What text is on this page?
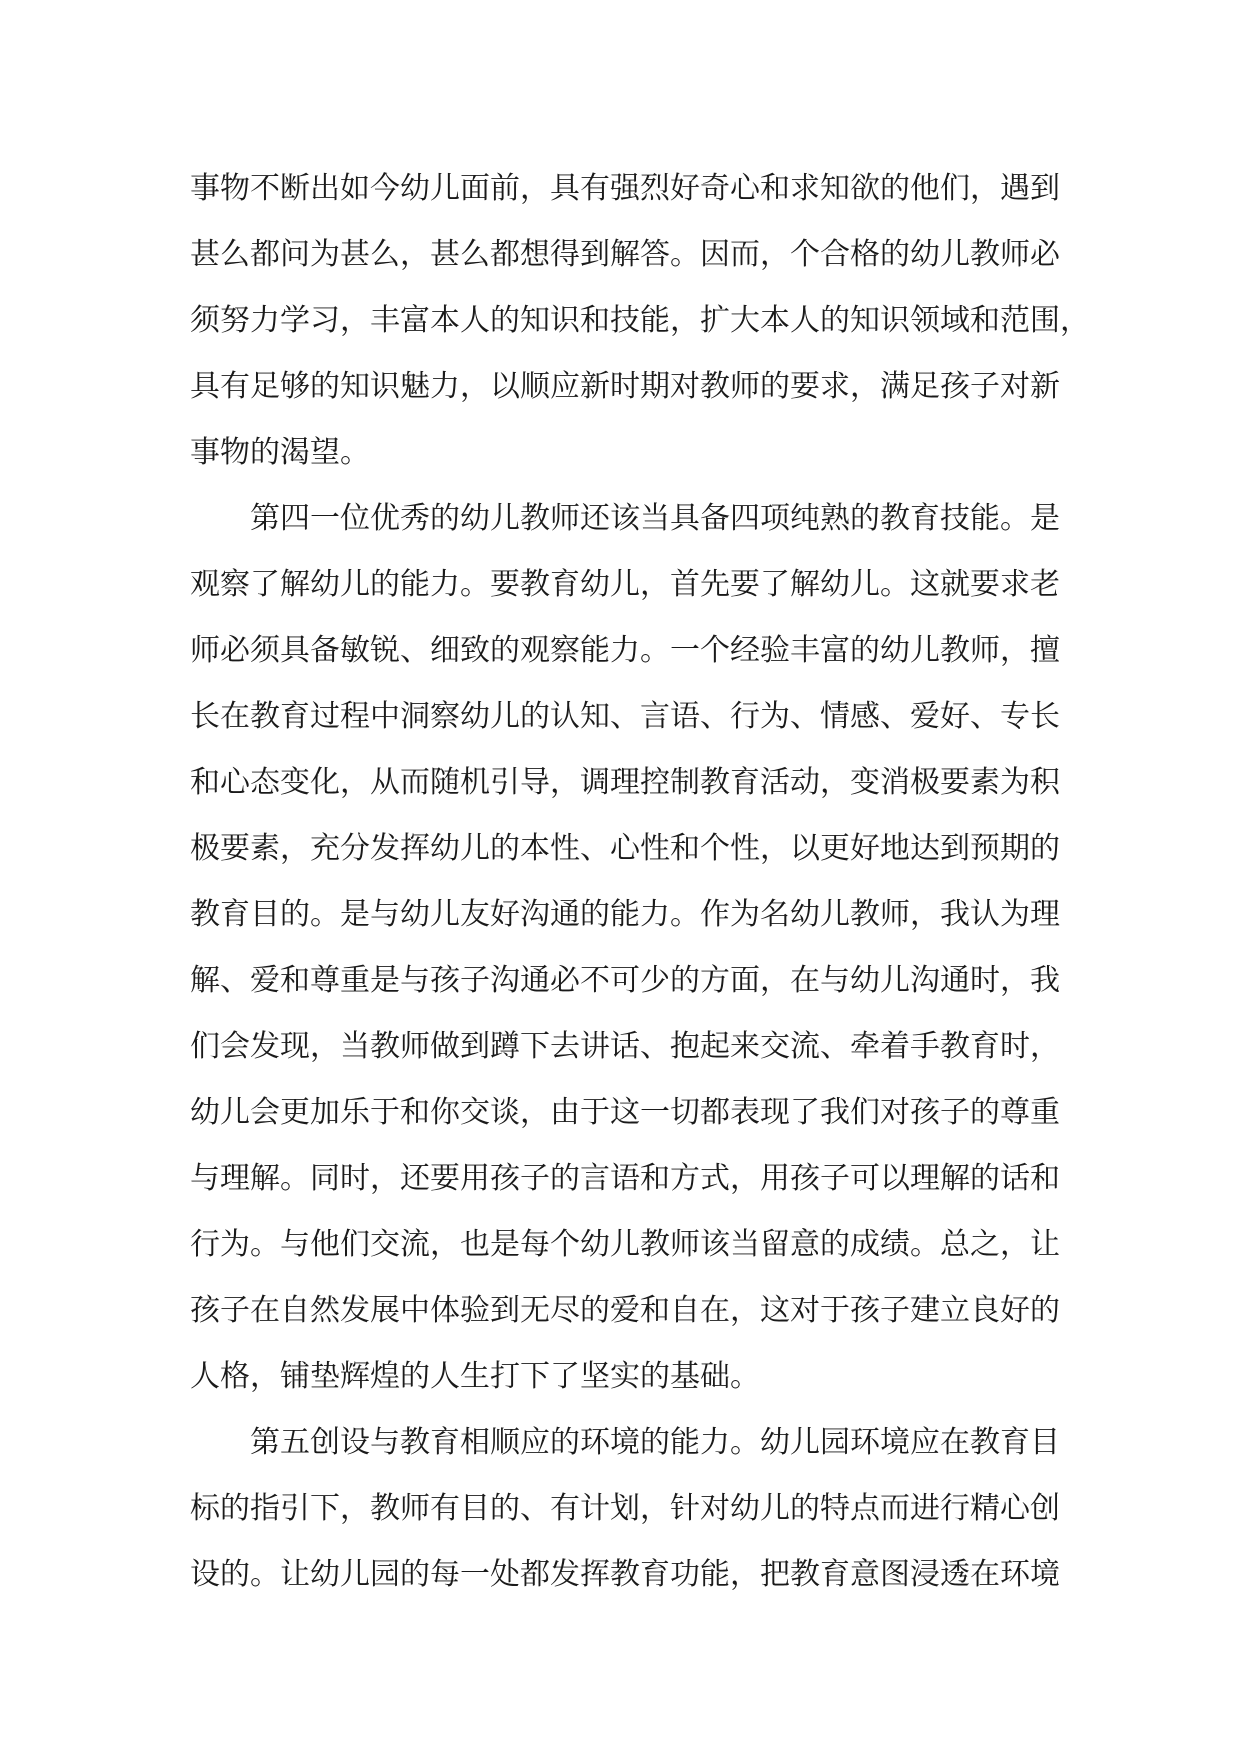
事物不断出如今幼儿面前，具有强烈好奇心和求知欲的他们，遇到
甚么都问为甚么，甚么都想得到解答。因而，个合格的幼儿教师必
须努力学习，丰富本人的知识和技能，扩大本人的知识领域和范围，
具有足够的知识魅力，以顺应新时期对教师的要求，满足孩子对新
事物的渴望。

第四一位优秀的幼儿教师还该当具备四项纯熟的教育技能。是
观察了解幼儿的能力。要教育幼儿，首先要了解幼儿。这就要求老
师必须具备敏锐、细致的观察能力。一个经验丰富的幼儿教师，擅
长在教育过程中洞察幼儿的认知、言语、行为、情感、爱好、专长
和心态变化，从而随机引导，调理控制教育活动，变消极要素为积
极要素，充分发挥幼儿的本性、心性和个性，以更好地达到预期的
教育目的。是与幼儿友好沟通的能力。作为名幼儿教师，我认为理
解、爱和尊重是与孩子沟通必不可少的方面，在与幼儿沟通时，我
们会发现，当教师做到蹲下去讲话、抱起来交流、牵着手教育时，
幼儿会更加乐于和你交谈，由于这一切都表现了我们对孩子的尊重
与理解。同时，还要用孩子的言语和方式，用孩子可以理解的话和
行为。与他们交流，也是每个幼儿教师该当留意的成绩。总之，让
孩子在自然发展中体验到无尽的爱和自在，这对于孩子建立良好的
人格，铺垫辉煌的人生打下了坚实的基础。

第五创设与教育相顺应的环境的能力。幼儿园环境应在教育目
标的指引下，教师有目的、有计划，针对幼儿的特点而进行精心创
设的。让幼儿园的每一处都发挥教育功能，把教育意图浸透在环境
